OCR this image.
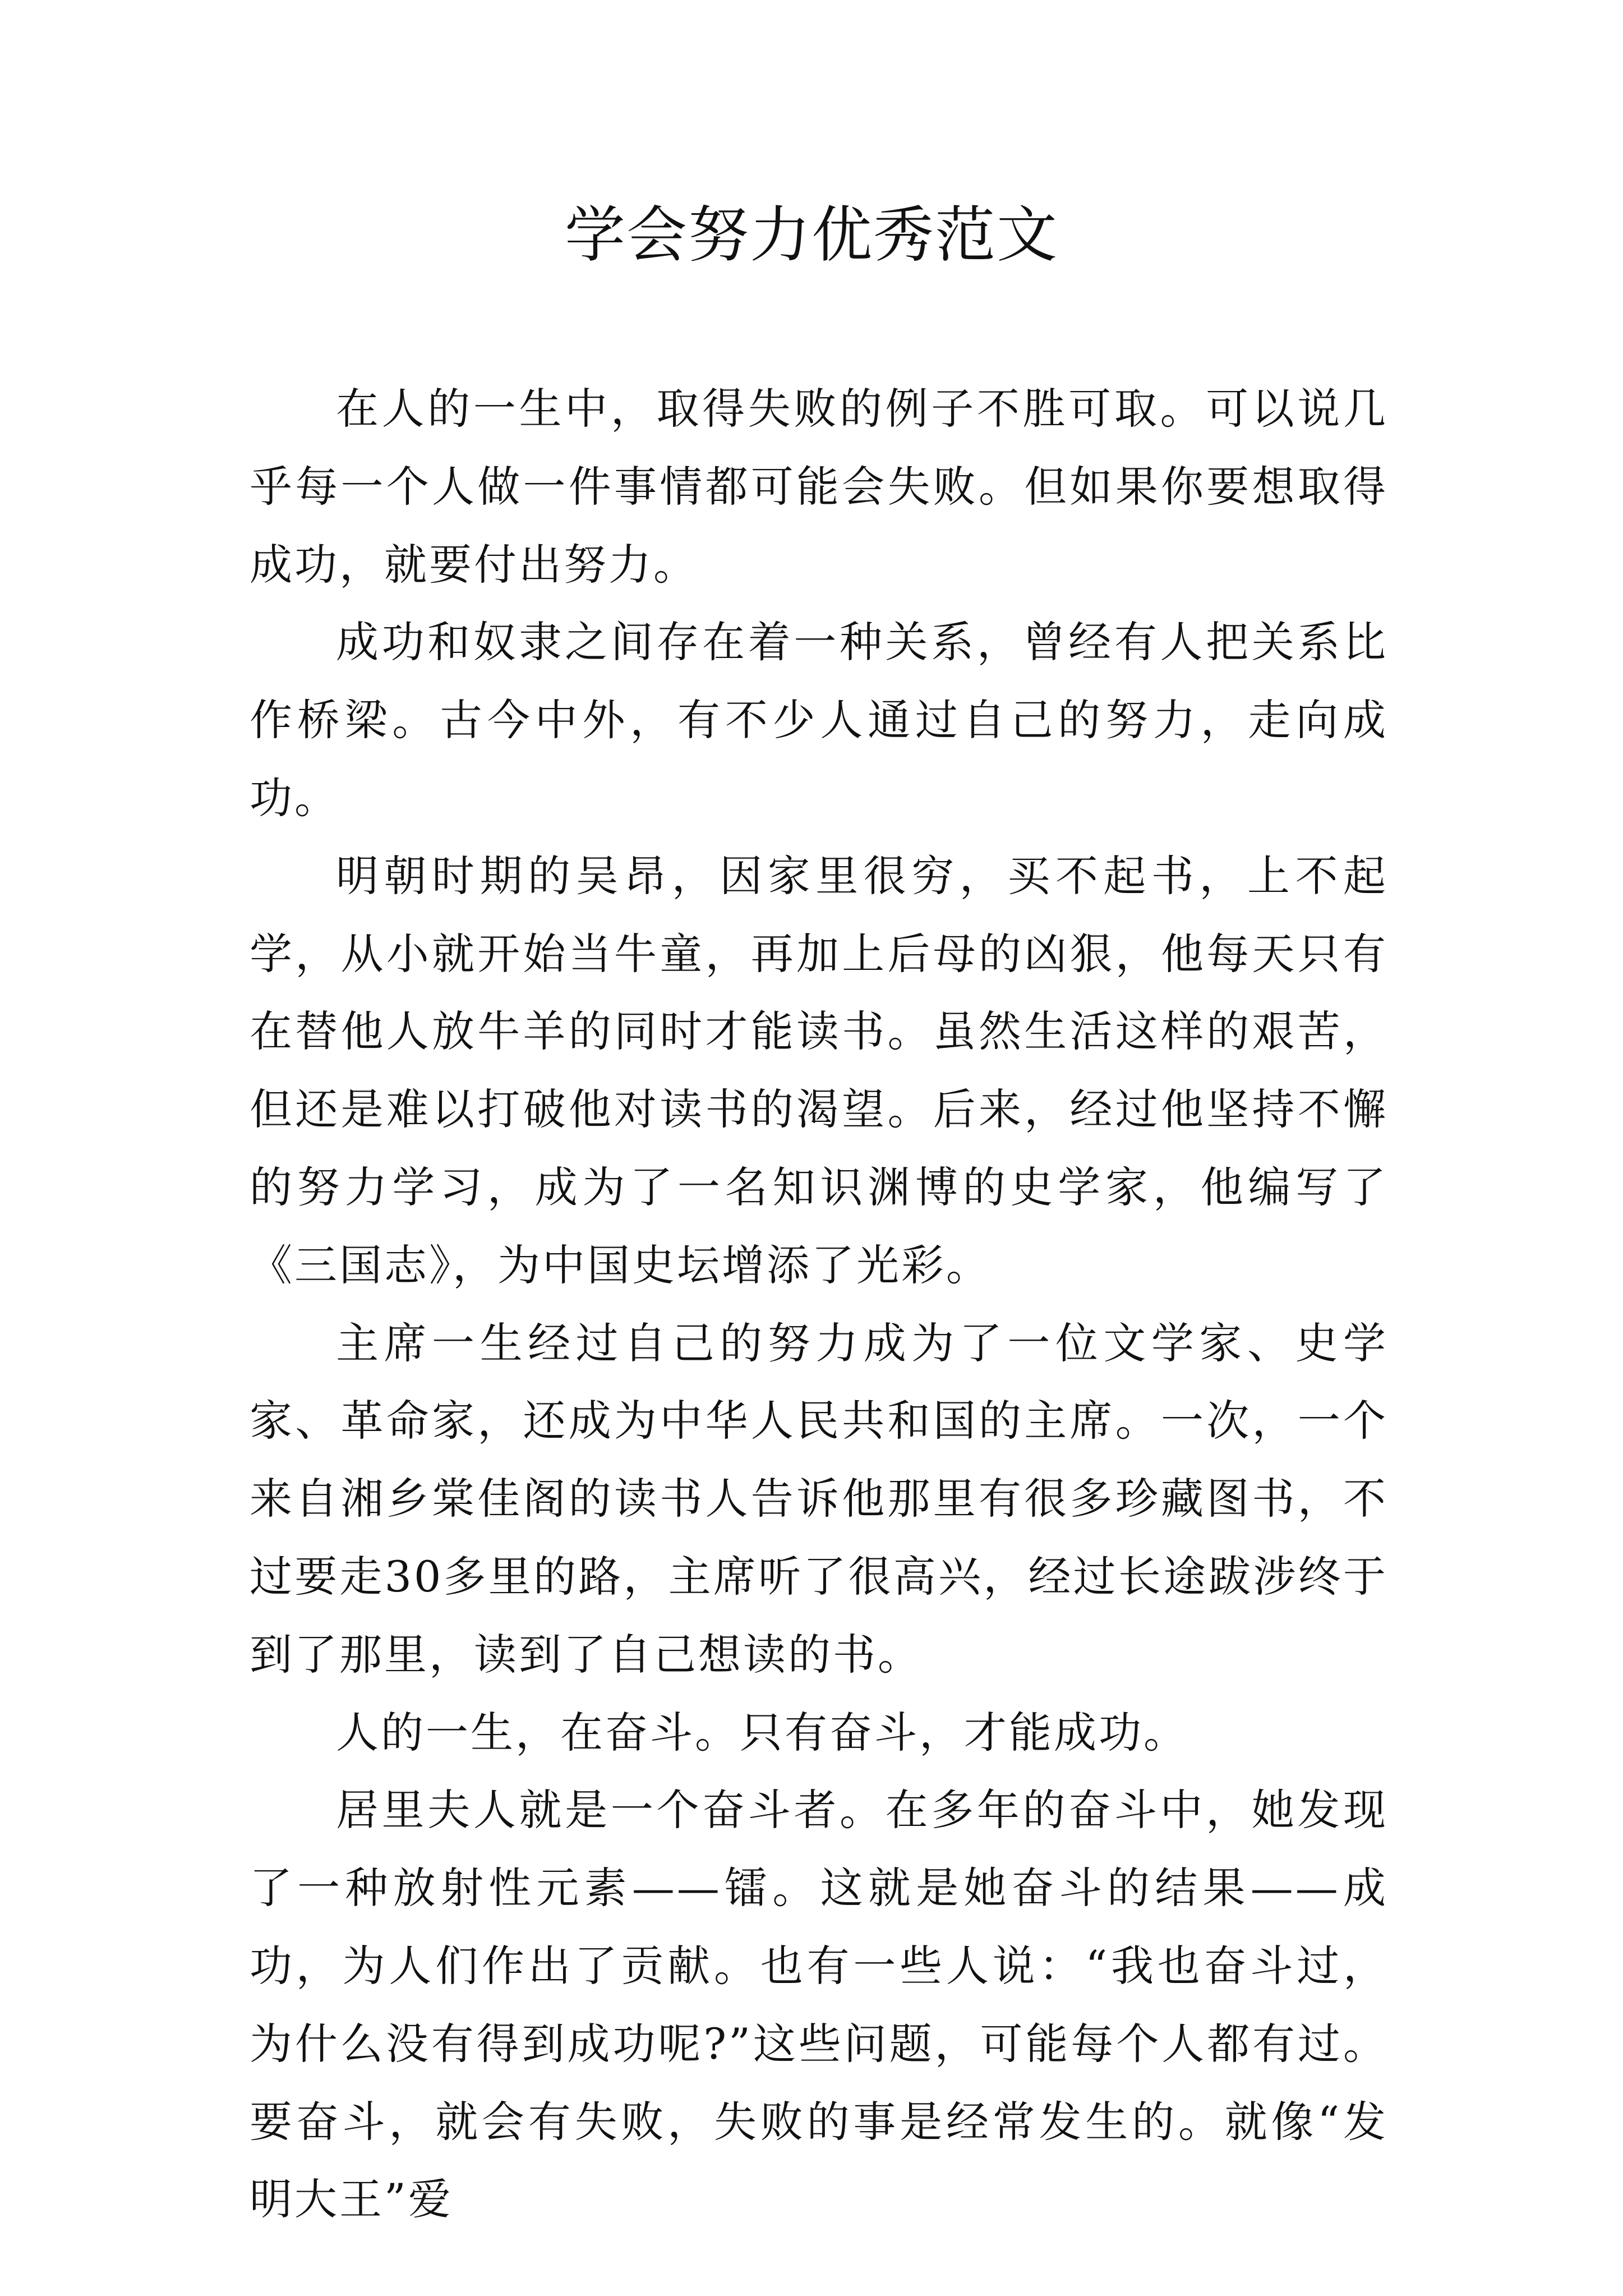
学会努力优秀范文

在人的一生中，取得失败的例子不胜可取。可以说几乎每一个人做一件事情都可能会失败。但如果你要想取得成功，就要付出努力。

成功和奴隶之间存在着一种关系，曾经有人把关系比作桥梁。古今中外，有不少人通过自己的努力，走向成功。

明朝时期的吴昂，因家里很穷，买不起书，上不起学，从小就开始当牛童，再加上后母的凶狠，他每天只有在替他人放牛羊的同时才能读书。虽然生活这样的艰苦，但还是难以打破他对读书的渴望。后来，经过他坚持不懈的努力学习，成为了一名知识渊博的史学家，他编写了《三国志》，为中国史坛增添了光彩。

主席一生经过自己的努力成为了一位文学家、史学家、革命家，还成为中华人民共和国的主席。一次，一个来自湘乡棠佳阁的读书人告诉他那里有很多珍藏图书，不过要走30多里的路，主席听了很高兴，经过长途跋涉终于到了那里，读到了自己想读的书。

人的一生，在奋斗。只有奋斗，才能成功。

居里夫人就是一个奋斗者。在多年的奋斗中，她发现了一种放射性元素——镭。这就是她奋斗的结果——成功，为人们作出了贡献。也有一些人说：“我也奋斗过，为什么没有得到成功呢?”这些问题，可能每个人都有过。要奋斗，就会有失败，失败的事是经常发生的。就像“发明大王”爱
